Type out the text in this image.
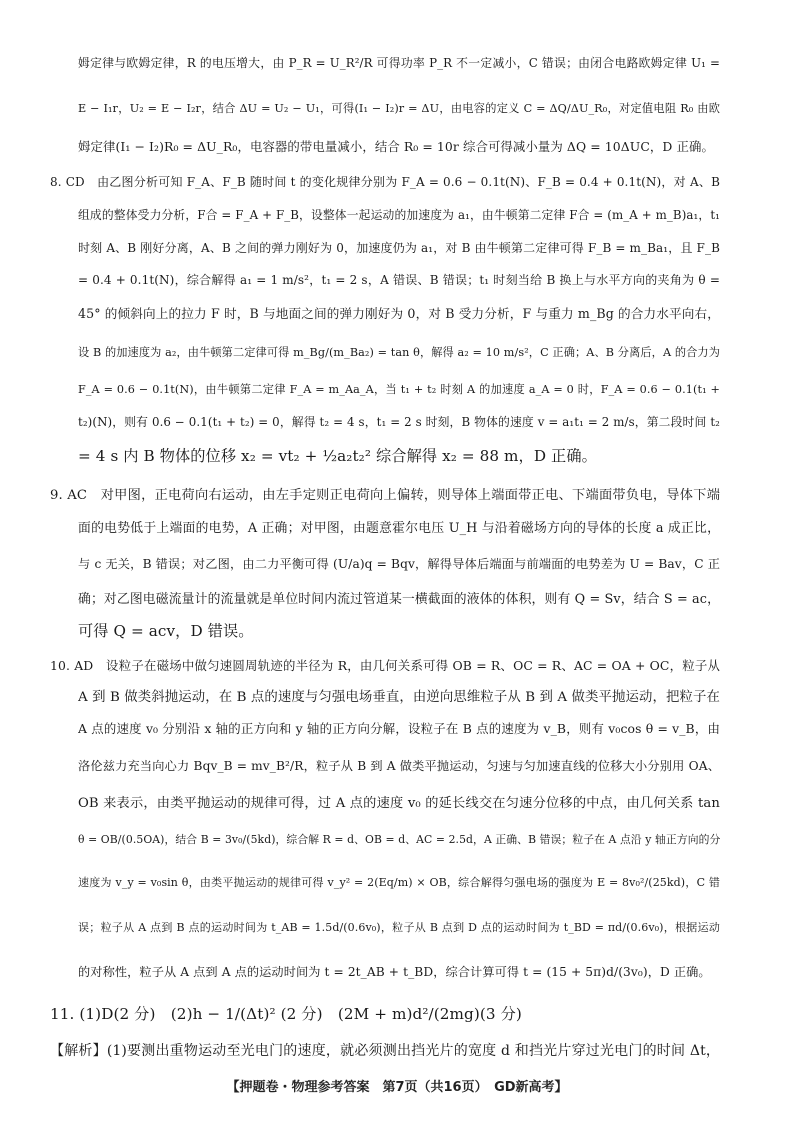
姆定律与欧姆定律，R 的电压增大，由 P_R = U_R²/R 可得功率 P_R 不一定减小，C 错误；由闭合电路欧姆定律 U₁ =
E − I₁r，U₂ = E − I₂r，结合 ΔU = U₂ − U₁，可得(I₁ − I₂)r = ΔU，由电容的定义 C = ΔQ/ΔU_R₀，对定值电阻 R₀ 由欧
姆定律(I₁ − I₂)R₀ = ΔU_R₀，电容器的带电量减小，结合 R₀ = 10r 综合可得减小量为 ΔQ = 10ΔUC，D 正确。
8. CD　由乙图分析可知 F_A、F_B 随时间 t 的变化规律分别为 F_A = 0.6 − 0.1t(N)、F_B = 0.4 + 0.1t(N)，对 A、B
组成的整体受力分析，F合 = F_A + F_B，设整体一起运动的加速度为 a₁，由牛顿第二定律 F合 = (m_A + m_B)a₁，t₁
时刻 A、B 刚好分离，A、B 之间的弹力刚好为 0，加速度仍为 a₁，对 B 由牛顿第二定律可得 F_B = m_Ba₁，且 F_B
= 0.4 + 0.1t(N)，综合解得 a₁ = 1 m/s²，t₁ = 2 s，A 错误、B 错误；t₁ 时刻当给 B 换上与水平方向的夹角为 θ =
45° 的倾斜向上的拉力 F 时，B 与地面之间的弹力刚好为 0，对 B 受力分析，F 与重力 m_Bg 的合力水平向右，
设 B 的加速度为 a₂，由牛顿第二定律可得 m_Bg/(m_Ba₂) = tan θ，解得 a₂ = 10 m/s²，C 正确；A、B 分离后，A 的合力为
F_A = 0.6 − 0.1t(N)，由牛顿第二定律 F_A = m_Aa_A，当 t₁ + t₂ 时刻 A 的加速度 a_A = 0 时，F_A = 0.6 − 0.1(t₁ +
t₂)(N)，则有 0.6 − 0.1(t₁ + t₂) = 0，解得 t₂ = 4 s，t₁ = 2 s 时刻，B 物体的速度 v = a₁t₁ = 2 m/s，第二段时间 t₂
= 4 s 内 B 物体的位移 x₂ = vt₂ + ½a₂t₂² 综合解得 x₂ = 88 m，D 正确。
9. AC　对甲图，正电荷向右运动，由左手定则正电荷向上偏转，则导体上端面带正电、下端面带负电，导体下端
面的电势低于上端面的电势，A 正确；对甲图，由题意霍尔电压 U_H 与沿着磁场方向的导体的长度 a 成正比，
与 c 无关，B 错误；对乙图，由二力平衡可得 (U/a)q = Bqv，解得导体后端面与前端面的电势差为 U = Bav，C 正
确；对乙图电磁流量计的流量就是单位时间内流过管道某一横截面的液体的体积，则有 Q = Sv，结合 S = ac，
可得 Q = acv，D 错误。
10. AD　设粒子在磁场中做匀速圆周轨迹的半径为 R，由几何关系可得 OB = R、OC = R、AC = OA + OC，粒子从
A 到 B 做类斜抛运动，在 B 点的速度与匀强电场垂直，由逆向思维粒子从 B 到 A 做类平抛运动，把粒子在
A 点的速度 v₀ 分别沿 x 轴的正方向和 y 轴的正方向分解，设粒子在 B 点的速度为 v_B，则有 v₀cos θ = v_B，由
洛伦兹力充当向心力 Bqv_B = mv_B²/R，粒子从 B 到 A 做类平抛运动，匀速与匀加速直线的位移大小分别用 OA、
OB 来表示，由类平抛运动的规律可得，过 A 点的速度 v₀ 的延长线交在匀速分位移的中点，由几何关系 tan
θ = OB/(0.5OA)，结合 B = 3v₀/(5kd)，综合解 R = d、OB = d、AC = 2.5d，A 正确、B 错误；粒子在 A 点沿 y 轴正方向的分
速度为 v_y = v₀sin θ，由类平抛运动的规律可得 v_y² = 2(Eq/m) × OB，综合解得匀强电场的强度为 E = 8v₀²/(25kd)，C 错
误；粒子从 A 点到 B 点的运动时间为 t_AB = 1.5d/(0.6v₀)，粒子从 B 点到 D 点的运动时间为 t_BD = πd/(0.6v₀)，根据运动
的对称性，粒子从 A 点到 A 点的运动时间为 t = 2t_AB + t_BD，综合计算可得 t = (15 + 5π)d/(3v₀)，D 正确。
11. (1)D(2 分)　(2)h − 1/(Δt)² (2 分)　(2M + m)d²/(2mg)(3 分)
【解析】(1)要测出重物运动至光电门的速度，就必须测出挡光片的宽度 d 和挡光片穿过光电门的时间 Δt，
【押题卷・物理参考答案　第7页（共16页）　GD新高考】
